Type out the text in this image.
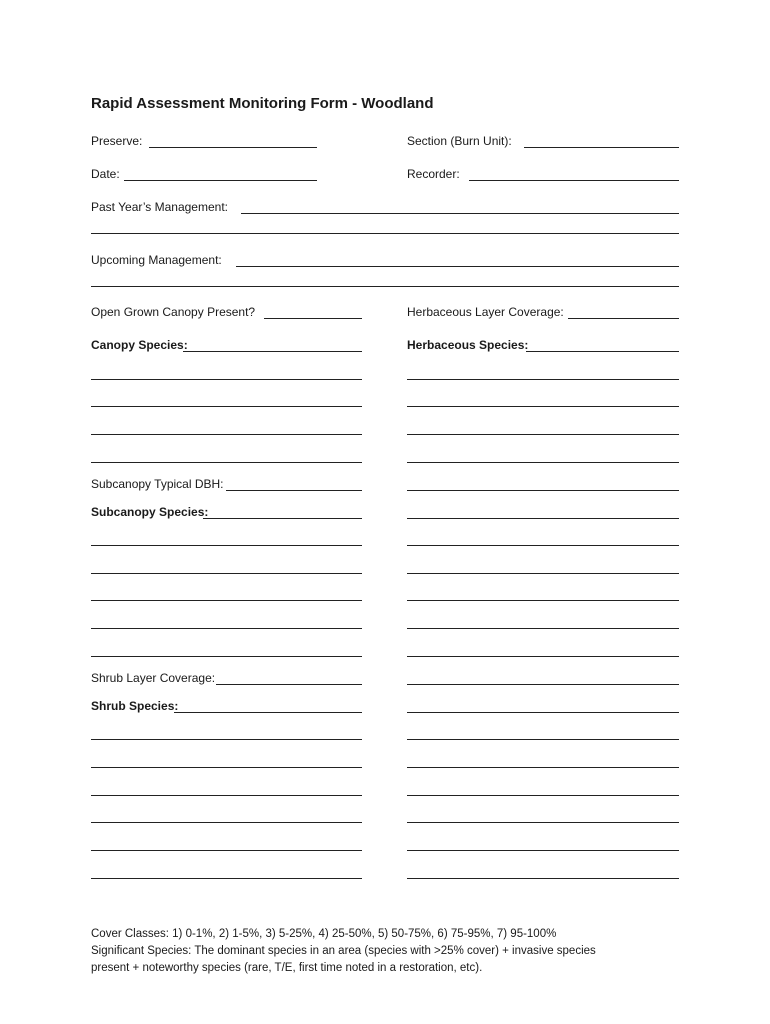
Rapid Assessment Monitoring Form - Woodland
Preserve:	Section (Burn Unit):
Date:	Recorder:
Past Year’s Management:
Upcoming Management:
Open Grown Canopy Present?	Herbaceous Layer Coverage:
Canopy Species:	Herbaceous Species:
Subcanopy Typical DBH:
Subcanopy Species:
Shrub Layer Coverage:
Shrub Species:
Cover Classes: 1) 0-1%, 2) 1-5%, 3) 5-25%, 4) 25-50%, 5) 50-75%, 6) 75-95%, 7) 95-100%
Significant Species: The dominant species in an area (species with >25% cover) + invasive species
present + noteworthy species (rare, T/E, first time noted in a restoration, etc).
